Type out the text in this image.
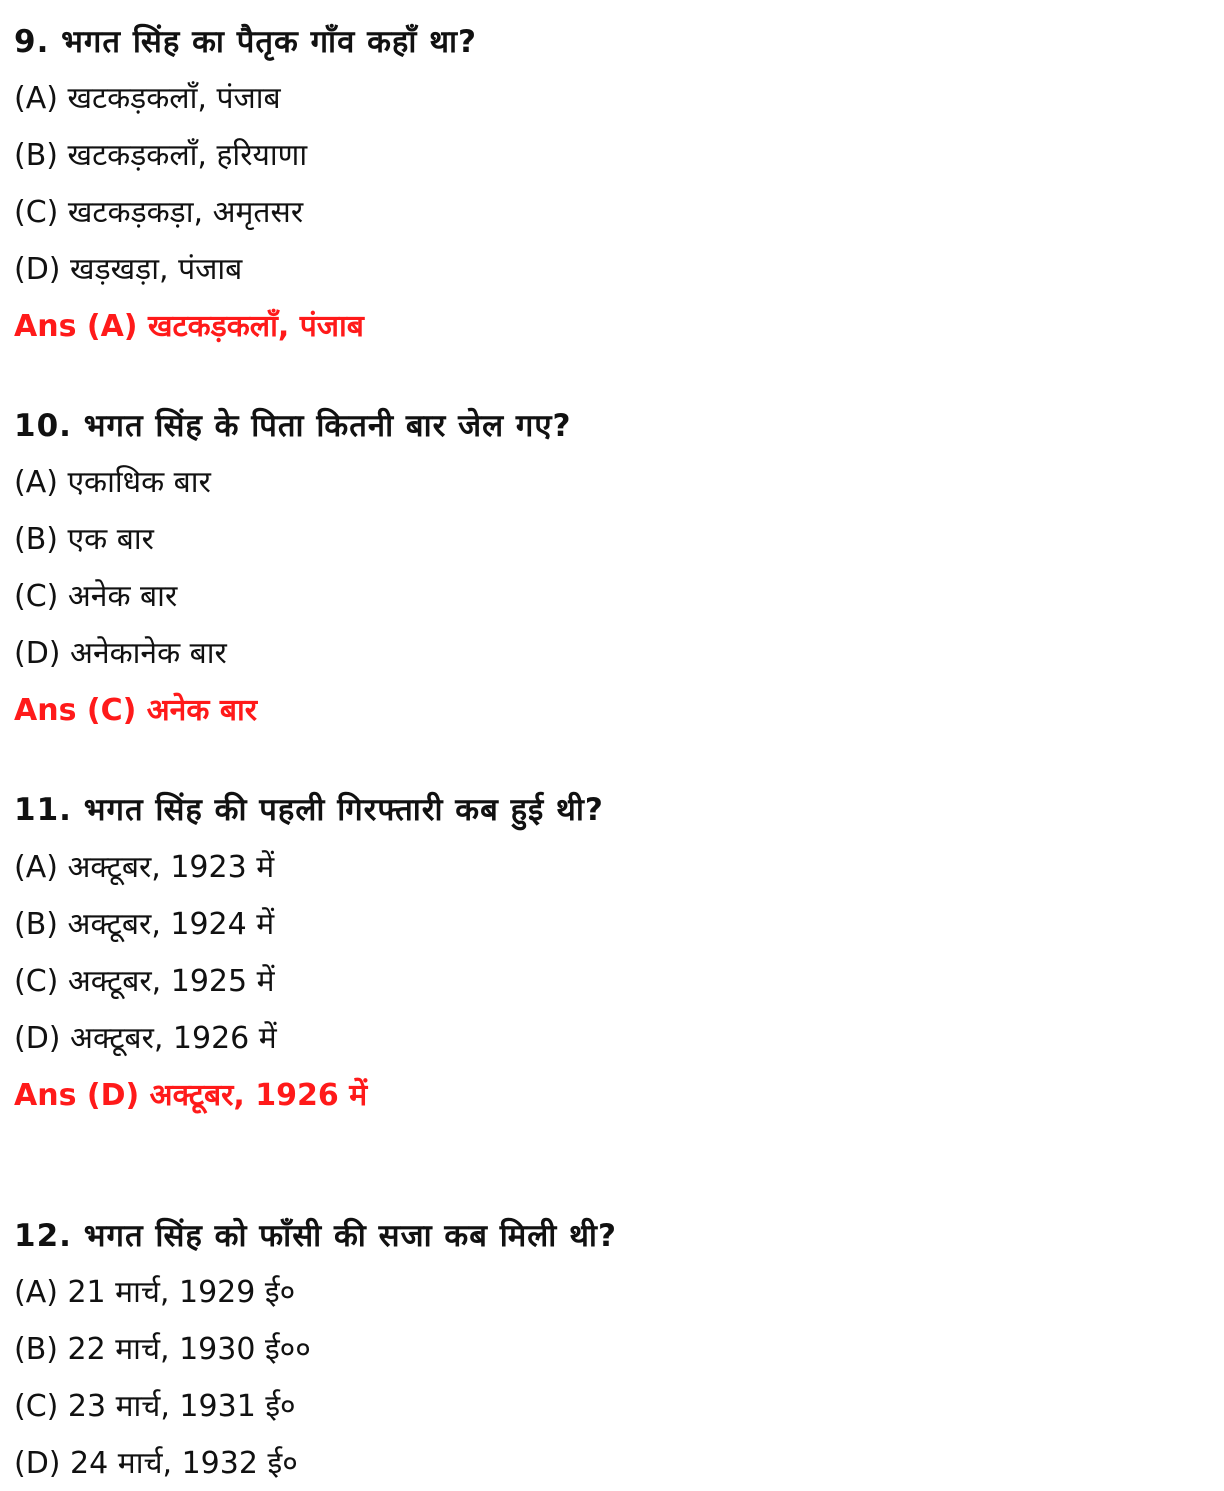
9. भगत सिंह का पैतृक गाँव कहाँ था?
(A) खटकड़कलाँ, पंजाब
(B) खटकड़कलाँ, हरियाणा
(C) खटकड़कड़ा, अमृतसर
(D) खड़खड़ा, पंजाब
Ans (A) खटकड़कलाँ, पंजाब
10. भगत सिंह के पिता कितनी बार जेल गए?
(A) एकाधिक बार
(B) एक बार
(C) अनेक बार
(D) अनेकानेक बार
Ans (C) अनेक बार
11. भगत सिंह की पहली गिरफ्तारी कब हुई थी?
(A) अक्टूबर, 1923 में
(B) अक्टूबर, 1924 में
(C) अक्टूबर, 1925 में
(D) अक्टूबर, 1926 में
Ans (D) अक्टूबर, 1926 में
12. भगत सिंह को फाँसी की सजा कब मिली थी?
(A) 21 मार्च, 1929 ई०
(B) 22 मार्च, 1930 ई००
(C) 23 मार्च, 1931 ई०
(D) 24 मार्च, 1932 ई०
